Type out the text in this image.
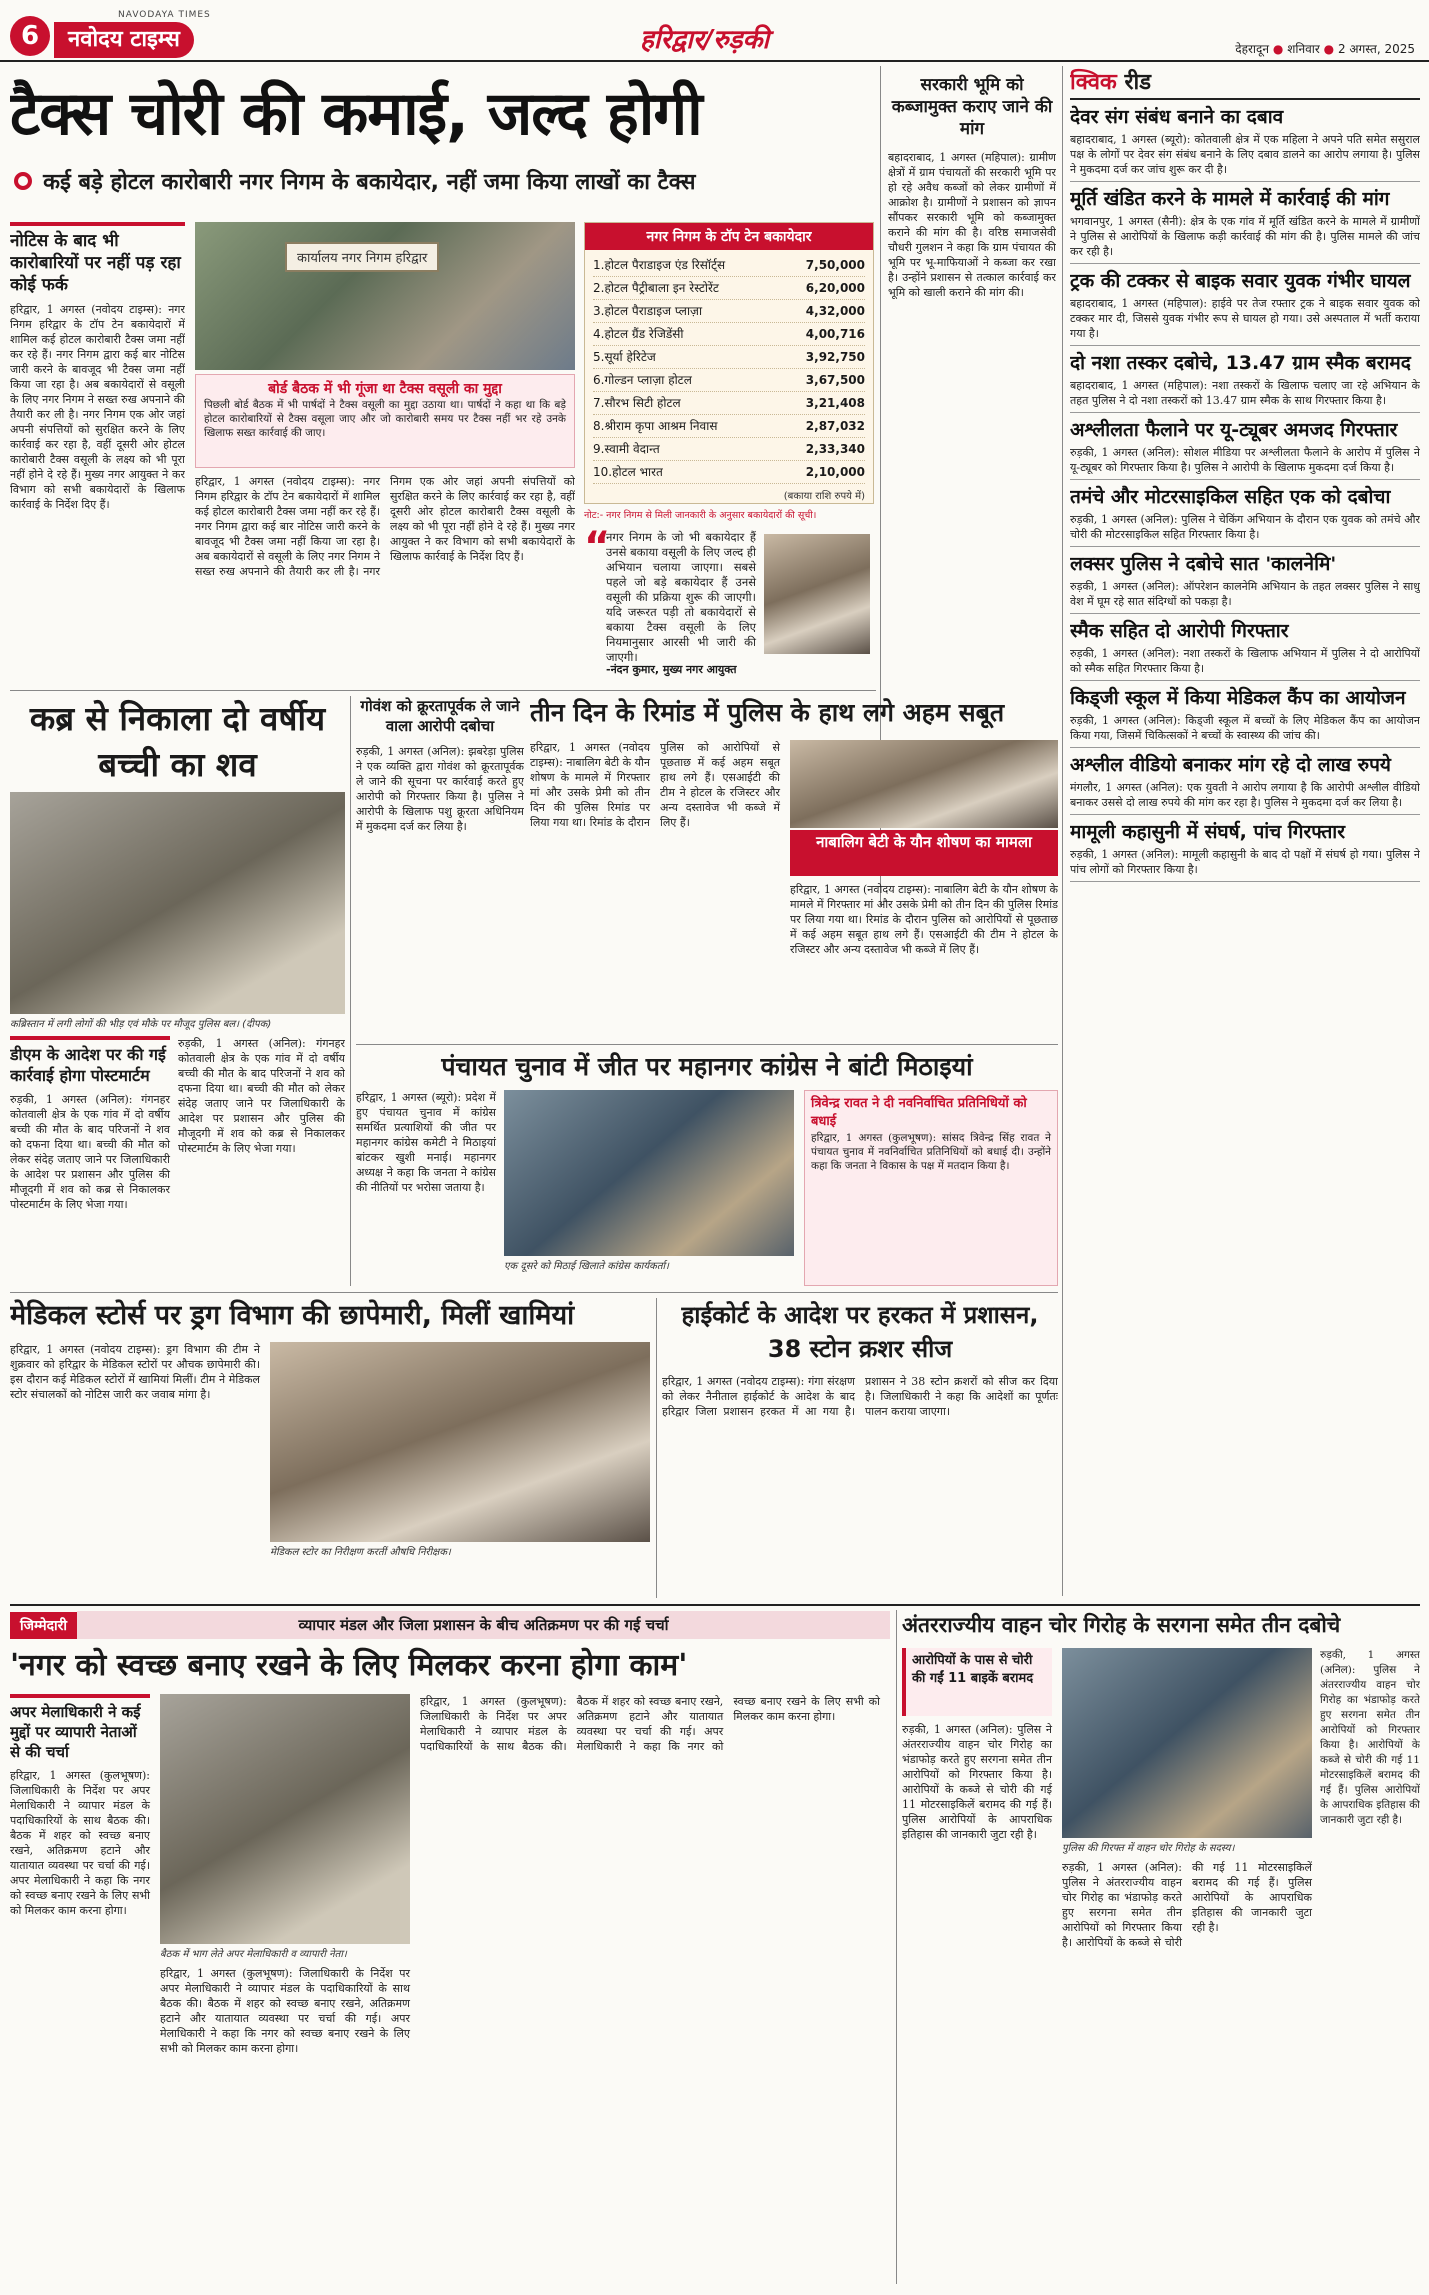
6
NAVODAYA TIMES
नवोदय टाइम्स	हरिद्वार/रुड़की	देहरादून ● शनिवार ● 2 अगस्त, 2025
टैक्स चोरी की कमाई, जल्द होगी
कई बड़े होटल कारोबारी नगर निगम के बकायेदार, नहीं जमा किया लाखों का टैक्स
नोटिस के बाद भी कारोबारियों पर नहीं पड़ रहा कोई फर्क
हरिद्वार, 1 अगस्त (नवोदय टाइम्स): नगर निगम हरिद्वार के टॉप टेन बकायेदारों में शामिल कई होटल कारोबारी टैक्स जमा नहीं कर रहे हैं। नगर निगम द्वारा कई बार नोटिस जारी करने के बावजूद भी टैक्स जमा नहीं किया जा रहा है। अब बकायेदारों से वसूली के लिए नगर निगम ने सख्त रुख अपनाने की तैयारी कर ली है। नगर निगम एक ओर जहां अपनी संपत्तियों को सुरक्षित करने के लिए कार्रवाई कर रहा है, वहीं दूसरी ओर होटल कारोबारी टैक्स वसूली के लक्ष्य को भी पूरा नहीं होने दे रहे हैं। मुख्य नगर आयुक्त ने कर विभाग को सभी बकायेदारों के खिलाफ कार्रवाई के निर्देश दिए हैं।
कार्यालय नगर निगम हरिद्वार
बोर्ड बैठक में भी गूंजा था टैक्स वसूली का मुद्दा
पिछली बोर्ड बैठक में भी पार्षदों ने टैक्स वसूली का मुद्दा उठाया था। पार्षदों ने कहा था कि बड़े होटल कारोबारियों से टैक्स वसूला जाए और जो कारोबारी समय पर टैक्स नहीं भर रहे उनके खिलाफ सख्त कार्रवाई की जाए।
नगर निगम के टॉप टेन बकायेदार
1.होटल पैराडाइज एंड रिसॉर्ट्स	7,50,000
2.होटल पैट्रीबाला इन रेस्टोरेंट	6,20,000
3.होटल पैराडाइज प्लाज़ा	4,32,000
4.होटल ग्रैंड रेजिडेंसी	4,00,716
5.सूर्या हेरिटेज	3,92,750
6.गोल्डन प्लाज़ा होटल	3,67,500
7.सौरभ सिटी होटल	3,21,408
8.श्रीराम कृपा आश्रम निवास	2,87,032
9.स्वामी वेदान्त	2,33,340
10.होटल भारत	2,10,000
(बकाया राशि रुपये में)
नोट:- नगर निगम से मिली जानकारी के अनुसार बकायेदारों की सूची।
“
नगर निगम के जो भी बकायेदार हैं उनसे बकाया वसूली के लिए जल्द ही अभियान चलाया जाएगा। सबसे पहले जो बड़े बकायेदार हैं उनसे वसूली की प्रक्रिया शुरू की जाएगी। यदि जरूरत पड़ी तो बकायेदारों से बकाया टैक्स वसूली के लिए नियमानुसार आरसी भी जारी की जाएगी।
-नंदन कुमार, मुख्य नगर आयुक्त
हरिद्वार, 1 अगस्त (नवोदय टाइम्स): नगर निगम हरिद्वार के टॉप टेन बकायेदारों में शामिल कई होटल कारोबारी टैक्स जमा नहीं कर रहे हैं। नगर निगम द्वारा कई बार नोटिस जारी करने के बावजूद भी टैक्स जमा नहीं किया जा रहा है। अब बकायेदारों से वसूली के लिए नगर निगम ने सख्त रुख अपनाने की तैयारी कर ली है। नगर निगम एक ओर जहां अपनी संपत्तियों को सुरक्षित करने के लिए कार्रवाई कर रहा है, वहीं दूसरी ओर होटल कारोबारी टैक्स वसूली के लक्ष्य को भी पूरा नहीं होने दे रहे हैं। मुख्य नगर आयुक्त ने कर विभाग को सभी बकायेदारों के खिलाफ कार्रवाई के निर्देश दिए हैं।
सरकारी भूमि को कब्जामुक्त कराए जाने की मांग
बहादराबाद, 1 अगस्त (महिपाल): ग्रामीण क्षेत्रों में ग्राम पंचायतों की सरकारी भूमि पर हो रहे अवैध कब्जों को लेकर ग्रामीणों में आक्रोश है। ग्रामीणों ने प्रशासन को ज्ञापन सौंपकर सरकारी भूमि को कब्जामुक्त कराने की मांग की है। वरिष्ठ समाजसेवी चौधरी गुलशन ने कहा कि ग्राम पंचायत की भूमि पर भू-माफियाओं ने कब्जा कर रखा है। उन्होंने प्रशासन से तत्काल कार्रवाई कर भूमि को खाली कराने की मांग की।
क्विक रीड
देवर संग संबंध बनाने का दबाव
बहादराबाद, 1 अगस्त (ब्यूरो): कोतवाली क्षेत्र में एक महिला ने अपने पति समेत ससुराल पक्ष के लोगों पर देवर संग संबंध बनाने के लिए दबाव डालने का आरोप लगाया है। पुलिस ने मुकदमा दर्ज कर जांच शुरू कर दी है।
मूर्ति खंडित करने के मामले में कार्रवाई की मांग
भगवानपुर, 1 अगस्त (सैनी): क्षेत्र के एक गांव में मूर्ति खंडित करने के मामले में ग्रामीणों ने पुलिस से आरोपियों के खिलाफ कड़ी कार्रवाई की मांग की है। पुलिस मामले की जांच कर रही है।
ट्रक की टक्कर से बाइक सवार युवक गंभीर घायल
बहादराबाद, 1 अगस्त (महिपाल): हाईवे पर तेज रफ्तार ट्रक ने बाइक सवार युवक को टक्कर मार दी, जिससे युवक गंभीर रूप से घायल हो गया। उसे अस्पताल में भर्ती कराया गया है।
दो नशा तस्कर दबोचे, 13.47 ग्राम स्मैक बरामद
बहादराबाद, 1 अगस्त (महिपाल): नशा तस्करों के खिलाफ चलाए जा रहे अभियान के तहत पुलिस ने दो नशा तस्करों को 13.47 ग्राम स्मैक के साथ गिरफ्तार किया है।
अश्लीलता फैलाने पर यू-ट्यूबर अमजद गिरफ्तार
रुड़की, 1 अगस्त (अनिल): सोशल मीडिया पर अश्लीलता फैलाने के आरोप में पुलिस ने यू-ट्यूबर को गिरफ्तार किया है। पुलिस ने आरोपी के खिलाफ मुकदमा दर्ज किया है।
तमंचे और मोटरसाइकिल सहित एक को दबोचा
रुड़की, 1 अगस्त (अनिल): पुलिस ने चेकिंग अभियान के दौरान एक युवक को तमंचे और चोरी की मोटरसाइकिल सहित गिरफ्तार किया है।
लक्सर पुलिस ने दबोचे सात 'कालनेमि'
रुड़की, 1 अगस्त (अनिल): ऑपरेशन कालनेमि अभियान के तहत लक्सर पुलिस ने साधु वेश में घूम रहे सात संदिग्धों को पकड़ा है।
स्मैक सहित दो आरोपी गिरफ्तार
रुड़की, 1 अगस्त (अनिल): नशा तस्करों के खिलाफ अभियान में पुलिस ने दो आरोपियों को स्मैक सहित गिरफ्तार किया है।
किड्जी स्कूल में किया मेडिकल कैंप का आयोजन
रुड़की, 1 अगस्त (अनिल): किड्जी स्कूल में बच्चों के लिए मेडिकल कैंप का आयोजन किया गया, जिसमें चिकित्सकों ने बच्चों के स्वास्थ्य की जांच की।
अश्लील वीडियो बनाकर मांग रहे दो लाख रुपये
मंगलौर, 1 अगस्त (अनिल): एक युवती ने आरोप लगाया है कि आरोपी अश्लील वीडियो बनाकर उससे दो लाख रुपये की मांग कर रहा है। पुलिस ने मुकदमा दर्ज कर लिया है।
मामूली कहासुनी में संघर्ष, पांच गिरफ्तार
रुड़की, 1 अगस्त (अनिल): मामूली कहासुनी के बाद दो पक्षों में संघर्ष हो गया। पुलिस ने पांच लोगों को गिरफ्तार किया है।
कब्र से निकाला दो वर्षीय बच्ची का शव
कब्रिस्तान में लगी लोगों की भीड़ एवं मौके पर मौजूद पुलिस बल। (दीपक)
डीएम के आदेश पर की गई कार्रवाई होगा पोस्टमार्टम
रुड़की, 1 अगस्त (अनिल): गंगनहर कोतवाली क्षेत्र के एक गांव में दो वर्षीय बच्ची की मौत के बाद परिजनों ने शव को दफना दिया था। बच्ची की मौत को लेकर संदेह जताए जाने पर जिलाधिकारी के आदेश पर प्रशासन और पुलिस की मौजूदगी में शव को कब्र से निकालकर पोस्टमार्टम के लिए भेजा गया।
रुड़की, 1 अगस्त (अनिल): गंगनहर कोतवाली क्षेत्र के एक गांव में दो वर्षीय बच्ची की मौत के बाद परिजनों ने शव को दफना दिया था। बच्ची की मौत को लेकर संदेह जताए जाने पर जिलाधिकारी के आदेश पर प्रशासन और पुलिस की मौजूदगी में शव को कब्र से निकालकर पोस्टमार्टम के लिए भेजा गया।
गोवंश को क्रूरतापूर्वक ले जाने वाला आरोपी दबोचा
रुड़की, 1 अगस्त (अनिल): झबरेड़ा पुलिस ने एक व्यक्ति द्वारा गोवंश को क्रूरतापूर्वक ले जाने की सूचना पर कार्रवाई करते हुए आरोपी को गिरफ्तार किया है। पुलिस ने आरोपी के खिलाफ पशु क्रूरता अधिनियम में मुकदमा दर्ज कर लिया है।
तीन दिन के रिमांड में पुलिस के हाथ लगे अहम सबूत
हरिद्वार, 1 अगस्त (नवोदय टाइम्स): नाबालिग बेटी के यौन शोषण के मामले में गिरफ्तार मां और उसके प्रेमी को तीन दिन की पुलिस रिमांड पर लिया गया था। रिमांड के दौरान पुलिस को आरोपियों से पूछताछ में कई अहम सबूत हाथ लगे हैं। एसआईटी की टीम ने होटल के रजिस्टर और अन्य दस्तावेज भी कब्जे में लिए हैं।
नाबालिग बेटी के यौन शोषण का मामला
हरिद्वार, 1 अगस्त (नवोदय टाइम्स): नाबालिग बेटी के यौन शोषण के मामले में गिरफ्तार मां और उसके प्रेमी को तीन दिन की पुलिस रिमांड पर लिया गया था। रिमांड के दौरान पुलिस को आरोपियों से पूछताछ में कई अहम सबूत हाथ लगे हैं। एसआईटी की टीम ने होटल के रजिस्टर और अन्य दस्तावेज भी कब्जे में लिए हैं।
पंचायत चुनाव में जीत पर महानगर कांग्रेस ने बांटी मिठाइयां
हरिद्वार, 1 अगस्त (ब्यूरो): प्रदेश में हुए पंचायत चुनाव में कांग्रेस समर्थित प्रत्याशियों की जीत पर महानगर कांग्रेस कमेटी ने मिठाइयां बांटकर खुशी मनाई। महानगर अध्यक्ष ने कहा कि जनता ने कांग्रेस की नीतियों पर भरोसा जताया है।
एक दूसरे को मिठाई खिलाते कांग्रेस कार्यकर्ता।
त्रिवेन्द्र रावत ने दी नवनिर्वाचित प्रतिनिधियों को बधाई
हरिद्वार, 1 अगस्त (कुलभूषण): सांसद त्रिवेन्द्र सिंह रावत ने पंचायत चुनाव में नवनिर्वाचित प्रतिनिधियों को बधाई दी। उन्होंने कहा कि जनता ने विकास के पक्ष में मतदान किया है।
मेडिकल स्टोर्स पर ड्रग विभाग की छापेमारी, मिलीं खामियां
हरिद्वार, 1 अगस्त (नवोदय टाइम्स): ड्रग विभाग की टीम ने शुक्रवार को हरिद्वार के मेडिकल स्टोरों पर औचक छापेमारी की। इस दौरान कई मेडिकल स्टोरों में खामियां मिलीं। टीम ने मेडिकल स्टोर संचालकों को नोटिस जारी कर जवाब मांगा है।
मेडिकल स्टोर का निरीक्षण करतीं औषधि निरीक्षक।
हाईकोर्ट के आदेश पर हरकत में प्रशासन, 38 स्टोन क्रशर सीज
हरिद्वार, 1 अगस्त (नवोदय टाइम्स): गंगा संरक्षण को लेकर नैनीताल हाईकोर्ट के आदेश के बाद हरिद्वार जिला प्रशासन हरकत में आ गया है। प्रशासन ने 38 स्टोन क्रशरों को सीज कर दिया है। जिलाधिकारी ने कहा कि आदेशों का पूर्णतः पालन कराया जाएगा।
जिम्मेदारी	व्यापार मंडल और जिला प्रशासन के बीच अतिक्रमण पर की गई चर्चा
'नगर को स्वच्छ बनाए रखने के लिए मिलकर करना होगा काम'
अपर मेलाधिकारी ने कई मुद्दों पर व्यापारी नेताओं से की चर्चा
हरिद्वार, 1 अगस्त (कुलभूषण): जिलाधिकारी के निर्देश पर अपर मेलाधिकारी ने व्यापार मंडल के पदाधिकारियों के साथ बैठक की। बैठक में शहर को स्वच्छ बनाए रखने, अतिक्रमण हटाने और यातायात व्यवस्था पर चर्चा की गई। अपर मेलाधिकारी ने कहा कि नगर को स्वच्छ बनाए रखने के लिए सभी को मिलकर काम करना होगा।
बैठक में भाग लेते अपर मेलाधिकारी व व्यापारी नेता।
हरिद्वार, 1 अगस्त (कुलभूषण): जिलाधिकारी के निर्देश पर अपर मेलाधिकारी ने व्यापार मंडल के पदाधिकारियों के साथ बैठक की। बैठक में शहर को स्वच्छ बनाए रखने, अतिक्रमण हटाने और यातायात व्यवस्था पर चर्चा की गई। अपर मेलाधिकारी ने कहा कि नगर को स्वच्छ बनाए रखने के लिए सभी को मिलकर काम करना होगा।
हरिद्वार, 1 अगस्त (कुलभूषण): जिलाधिकारी के निर्देश पर अपर मेलाधिकारी ने व्यापार मंडल के पदाधिकारियों के साथ बैठक की। बैठक में शहर को स्वच्छ बनाए रखने, अतिक्रमण हटाने और यातायात व्यवस्था पर चर्चा की गई। अपर मेलाधिकारी ने कहा कि नगर को स्वच्छ बनाए रखने के लिए सभी को मिलकर काम करना होगा।
अंतरराज्यीय वाहन चोर गिरोह के सरगना समेत तीन दबोचे
आरोपियों के पास से चोरी की गईं 11 बाइकें बरामद
रुड़की, 1 अगस्त (अनिल): पुलिस ने अंतरराज्यीय वाहन चोर गिरोह का भंडाफोड़ करते हुए सरगना समेत तीन आरोपियों को गिरफ्तार किया है। आरोपियों के कब्जे से चोरी की गई 11 मोटरसाइकिलें बरामद की गई हैं। पुलिस आरोपियों के आपराधिक इतिहास की जानकारी जुटा रही है।
पुलिस की गिरफ्त में वाहन चोर गिरोह के सदस्य।
रुड़की, 1 अगस्त (अनिल): पुलिस ने अंतरराज्यीय वाहन चोर गिरोह का भंडाफोड़ करते हुए सरगना समेत तीन आरोपियों को गिरफ्तार किया है। आरोपियों के कब्जे से चोरी की गई 11 मोटरसाइकिलें बरामद की गई हैं। पुलिस आरोपियों के आपराधिक इतिहास की जानकारी जुटा रही है।
रुड़की, 1 अगस्त (अनिल): पुलिस ने अंतरराज्यीय वाहन चोर गिरोह का भंडाफोड़ करते हुए सरगना समेत तीन आरोपियों को गिरफ्तार किया है। आरोपियों के कब्जे से चोरी की गई 11 मोटरसाइकिलें बरामद की गई हैं। पुलिस आरोपियों के आपराधिक इतिहास की जानकारी जुटा रही है।
